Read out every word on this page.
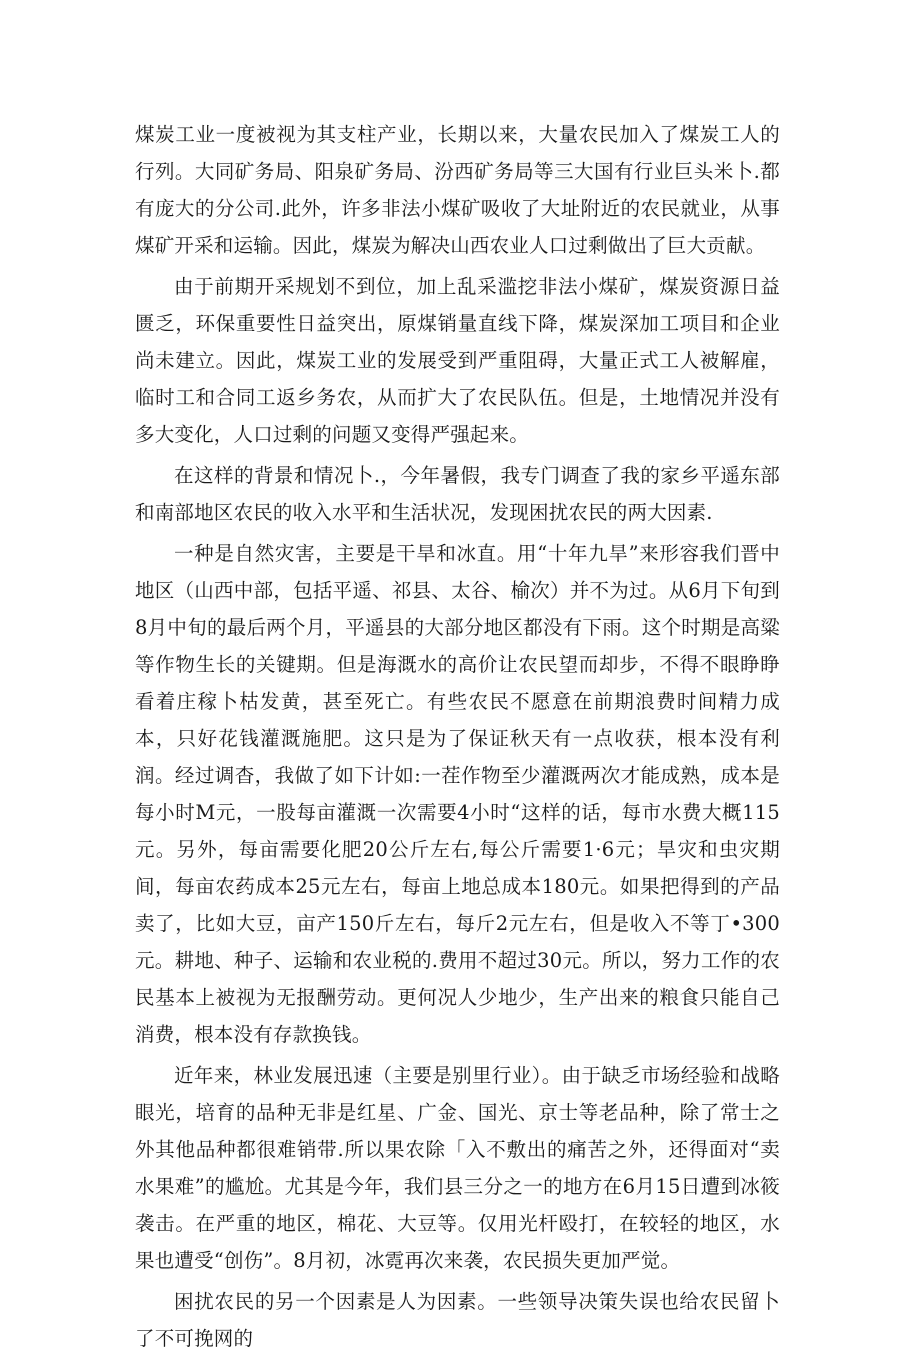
煤炭工业一度被视为其支柱产业，长期以来，大量农民加入了煤炭工人的行列。大同矿务局、阳泉矿务局、汾西矿务局等三大国有行业巨头米卜.都有庞大的分公司.此外，许多非法小煤矿吸收了大址附近的农民就业，从事煤矿开采和运输。因此，煤炭为解决山西农业人口过剩做出了巨大贡献。

由于前期开采规划不到位，加上乱采滥挖非法小煤矿，煤炭资源日益匮乏，环保重要性日益突出，原煤销量直线下降，煤炭深加工项目和企业尚未建立。因此，煤炭工业的发展受到严重阻碍，大量正式工人被解雇，临时工和合同工返乡务农，从而扩大了农民队伍。但是，土地情况并没有多大变化，人口过剩的问题又变得严强起来。

在这样的背景和情况卜.，今年暑假，我专门调查了我的家乡平遥东部和南部地区农民的收入水平和生活状况，发现困扰农民的两大因素.

一种是自然灾害，主要是干旱和冰直。用“十年九旱”来形容我们晋中地区（山西中部，包括平遥、祁县、太谷、榆次）并不为过。从6月下旬到8月中旬的最后两个月，平遥县的大部分地区都没有下雨。这个时期是高粱等作物生长的关键期。但是海溉水的高价让农民望而却步，不得不眼睁睁看着庄稼卜枯发黄，甚至死亡。有些农民不愿意在前期浪费时间精力成本，只好花钱灌溉施肥。这只是为了保证秋天有一点收获，根本没有利润。经过调杳，我做了如下计如:一茬作物至少灌溉两次才能成熟，成本是每小时M元，一股每亩灌溉一次需要4小时“这样的话，每市水费大概115元。另外，每亩需要化肥20公斤左右,每公斤需要1·6元；旱灾和虫灾期间，每亩农药成本25元左右，每亩上地总成本180元。如果把得到的产品卖了，比如大豆，亩产150斤左右，每斤2元左右，但是收入不等丁•300元。耕地、种子、运输和农业税的.费用不超过30元。所以，努力工作的农民基本上被视为无报酬劳动。更何况人少地少，生产出来的粮食只能自己消费，根本没有存款换钱。

近年来，林业发展迅速（主要是别里行业）。由于缺乏市场经验和战略眼光，培育的品种无非是红星、广金、国光、京士等老品种，除了常士之外其他品种都很难销带.所以果农除「入不敷出的痛苦之外，还得面对“卖水果难”的尴尬。尤其是今年，我们县三分之一的地方在6月15日遭到冰筱袭击。在严重的地区，棉花、大豆等。仅用光杆殴打，在较轻的地区，水果也遭受“创伤”。8月初，冰霓再次来袭，农民损失更加严觉。

困扰农民的另一个因素是人为因素。一些领导决策失误也给农民留卜了不可挽网的
